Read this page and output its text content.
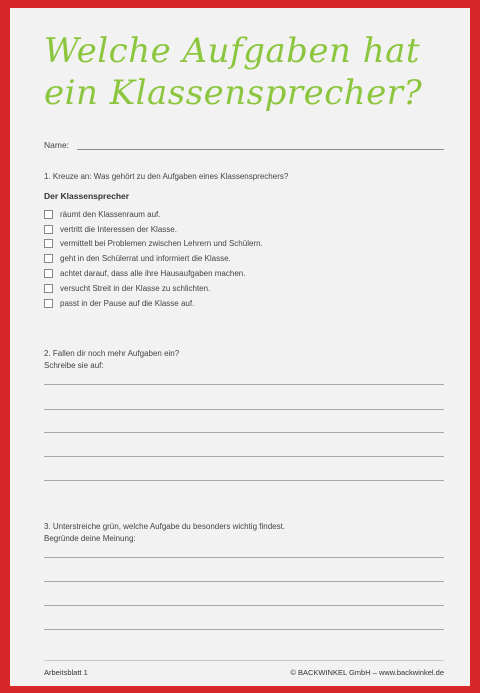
Welche Aufgaben hat
ein Klassensprecher?
Name:
1. Kreuze an: Was gehört zu den Aufgaben eines Klassensprechers?
Der Klassensprecher
räumt den Klassenraum auf.
vertritt die Interessen der Klasse.
vermittelt bei Problemen zwischen Lehrern und Schülern.
geht in den Schülerrat und informiert die Klasse.
achtet darauf, dass alle ihre Hausaufgaben machen.
versucht Streit in der Klasse zu schlichten.
passt in der Pause auf die Klasse auf.
2. Fallen dir noch mehr Aufgaben ein?
Schreibe sie auf:
3. Unterstreiche grün, welche Aufgabe du besonders wichtig findest.
Begründe deine Meinung:
Arbeitsblatt 1	© BACKWINKEL GmbH – www.backwinkel.de
